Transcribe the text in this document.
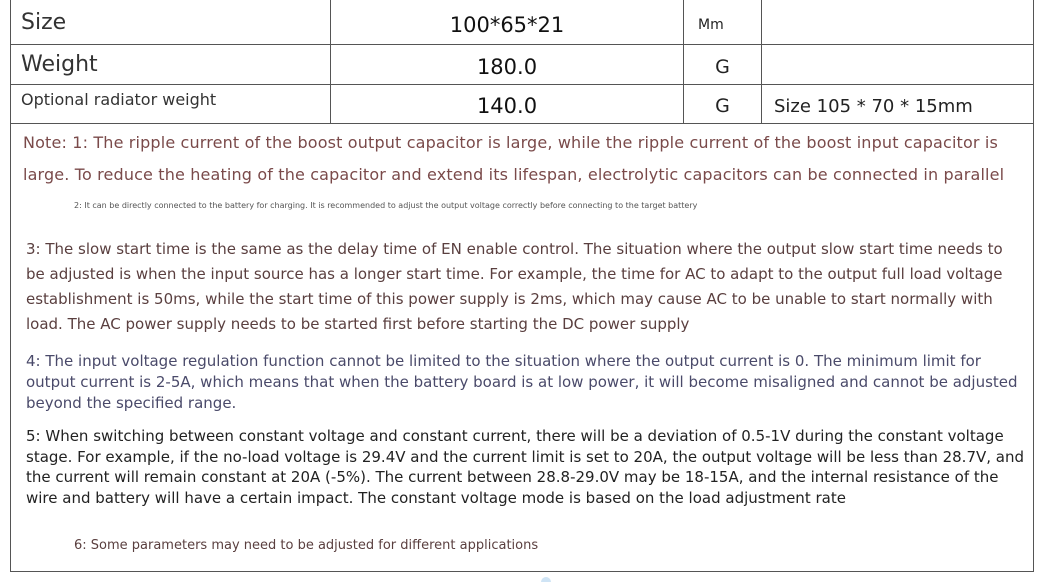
Size	100*65*21	Mm
Weight	180.0	G
Optional radiator weight	140.0	G	Size 105 * 70 * 15mm
Note: 1: The ripple current of the boost output capacitor is large, while the ripple current of the boost input capacitor is large. To reduce the heating of the capacitor and extend its lifespan, electrolytic capacitors can be connected in parallel
2: It can be directly connected to the battery for charging. It is recommended to adjust the output voltage correctly before connecting to the target battery
3: The slow start time is the same as the delay time of EN enable control. The situation where the output slow start time needs to be adjusted is when the input source has a longer start time. For example, the time for AC to adapt to the output full load voltage establishment is 50ms, while the start time of this power supply is 2ms, which may cause AC to be unable to start normally with load. The AC power supply needs to be started first before starting the DC power supply
4: The input voltage regulation function cannot be limited to the situation where the output current is 0. The minimum limit for output current is 2-5A, which means that when the battery board is at low power, it will become misaligned and cannot be adjusted beyond the specified range.
5: When switching between constant voltage and constant current, there will be a deviation of 0.5-1V during the constant voltage stage. For example, if the no-load voltage is 29.4V and the current limit is set to 20A, the output voltage will be less than 28.7V, and the current will remain constant at 20A (-5%). The current between 28.8-29.0V may be 18-15A, and the internal resistance of the wire and battery will have a certain impact. The constant voltage mode is based on the load adjustment rate
6: Some parameters may need to be adjusted for different applications
